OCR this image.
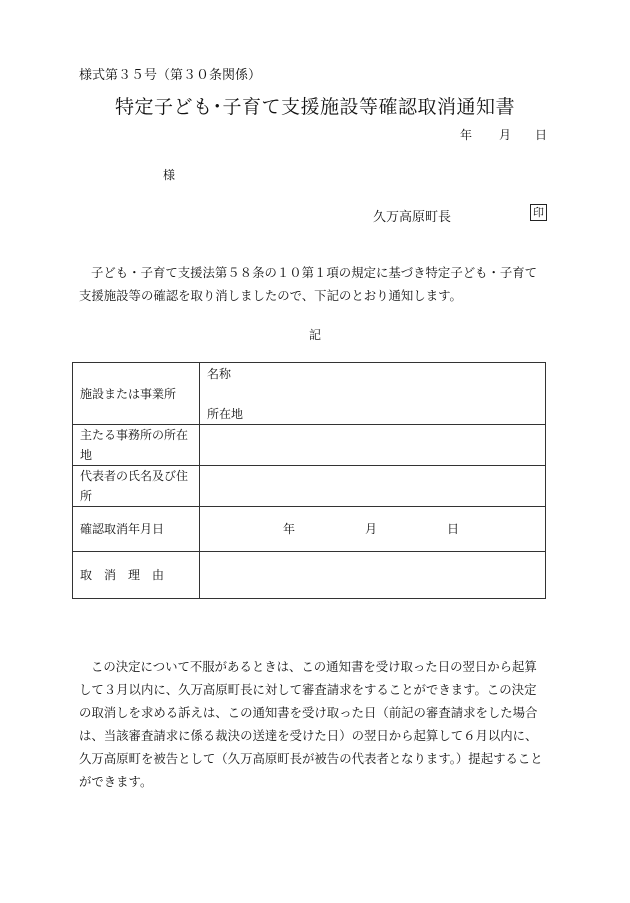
様式第３５号（第３０条関係）
特定子ども･子育て支援施設等確認取消通知書
年 月 日
様
久万高原町長	印
子ども・子育て支援法第５８条の１０第１項の規定に基づき特定子ども・子育て支援施設等の確認を取り消しましたので、下記のとおり通知します。
記
施設または事業所	名称
所在地

主たる事務所の所在地	
代表者の氏名及び住所	
確認取消年月日	年 月 日
取　消　理　由	
この決定について不服があるときは、この通知書を受け取った日の翌日から起算して３月以内に、久万高原町長に対して審査請求をすることができます。この決定の取消しを求める訴えは、この通知書を受け取った日（前記の審査請求をした場合は、当該審査請求に係る裁決の送達を受けた日）の翌日から起算して６月以内に、久万高原町を被告として（久万高原町長が被告の代表者となります。）提起することができます。
